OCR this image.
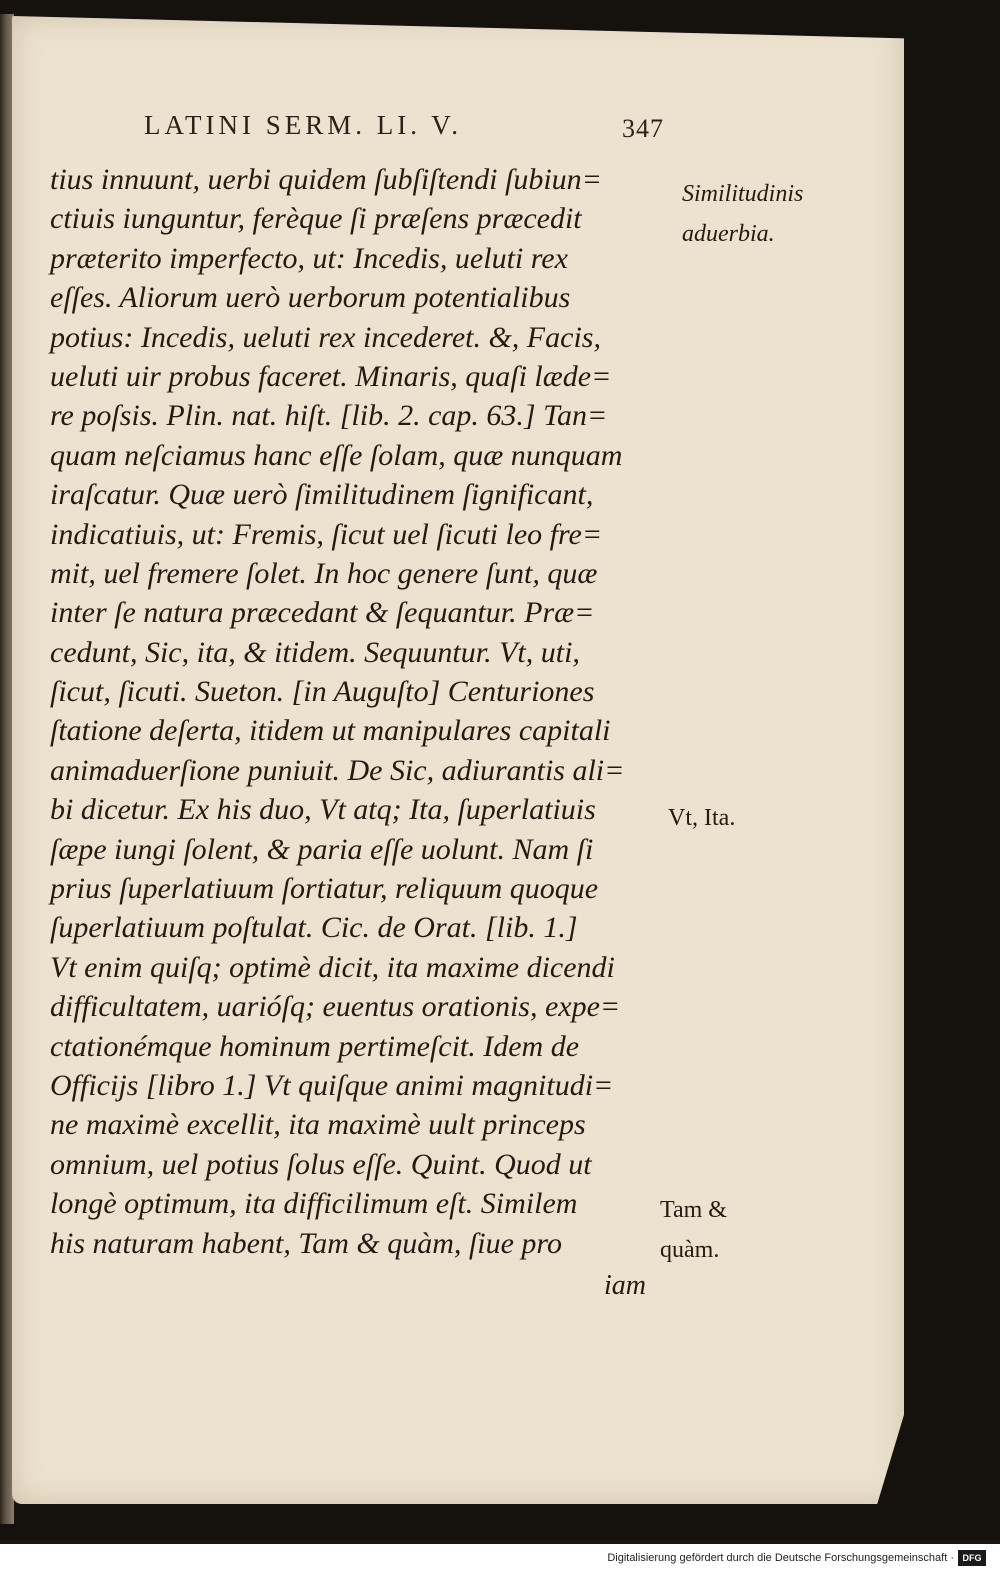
LATINI SERM. LI. V.	347
tius innuunt, uerbi quidem ſubſiſtendi ſubiun=
ctiuis iunguntur, ferèque ſi præſens præcedit
præterito imperfecto, ut: Incedis, ueluti rex
eſſes. Aliorum uerò uerborum potentialibus
potius: Incedis, ueluti rex incederet. &, Facis,
ueluti uir probus faceret. Minaris, quaſi læde=
re poſsis. Plin. nat. hiſt. [lib. 2. cap. 63.] Tan=
quam neſciamus hanc eſſe ſolam, quæ nunquam
iraſcatur. Quæ uerò ſimilitudinem ſignificant,
indicatiuis, ut: Fremis, ſicut uel ſicuti leo fre=
mit, uel fremere ſolet. In hoc genere ſunt, quæ
inter ſe natura præcedant & ſequantur. Præ=
cedunt, Sic, ita, & itidem. Sequuntur. Vt, uti,
ſicut, ſicuti. Sueton. [in Auguſto] Centuriones
ſtatione deſerta, itidem ut manipulares capitali
animaduerſione puniuit. De Sic, adiurantis ali=
bi dicetur. Ex his duo, Vt atq; Ita, ſuperlatiuis
ſæpe iungi ſolent, & paria eſſe uolunt. Nam ſi
prius ſuperlatiuum ſortiatur, reliquum quoque
ſuperlatiuum poſtulat. Cic. de Orat. [lib. 1.]
Vt enim quiſq; optimè dicit, ita maxime dicendi
difficultatem, uarióſq; euentus orationis, expe=
ctationémque hominum pertimeſcit. Idem de
Officijs [libro 1.] Vt quiſque animi magnitudi=
ne maximè excellit, ita maximè uult princeps
omnium, uel potius ſolus eſſe. Quint. Quod ut
longè optimum, ita difficilimum eſt. Similem
his naturam habent, Tam & quàm, ſiue pro
iam
Similitudinis
aduerbia.
Vt, Ita.
Tam &
quàm.
Digitalisierung gefördert durch die Deutsche Forschungsgemeinschaft · DFG
